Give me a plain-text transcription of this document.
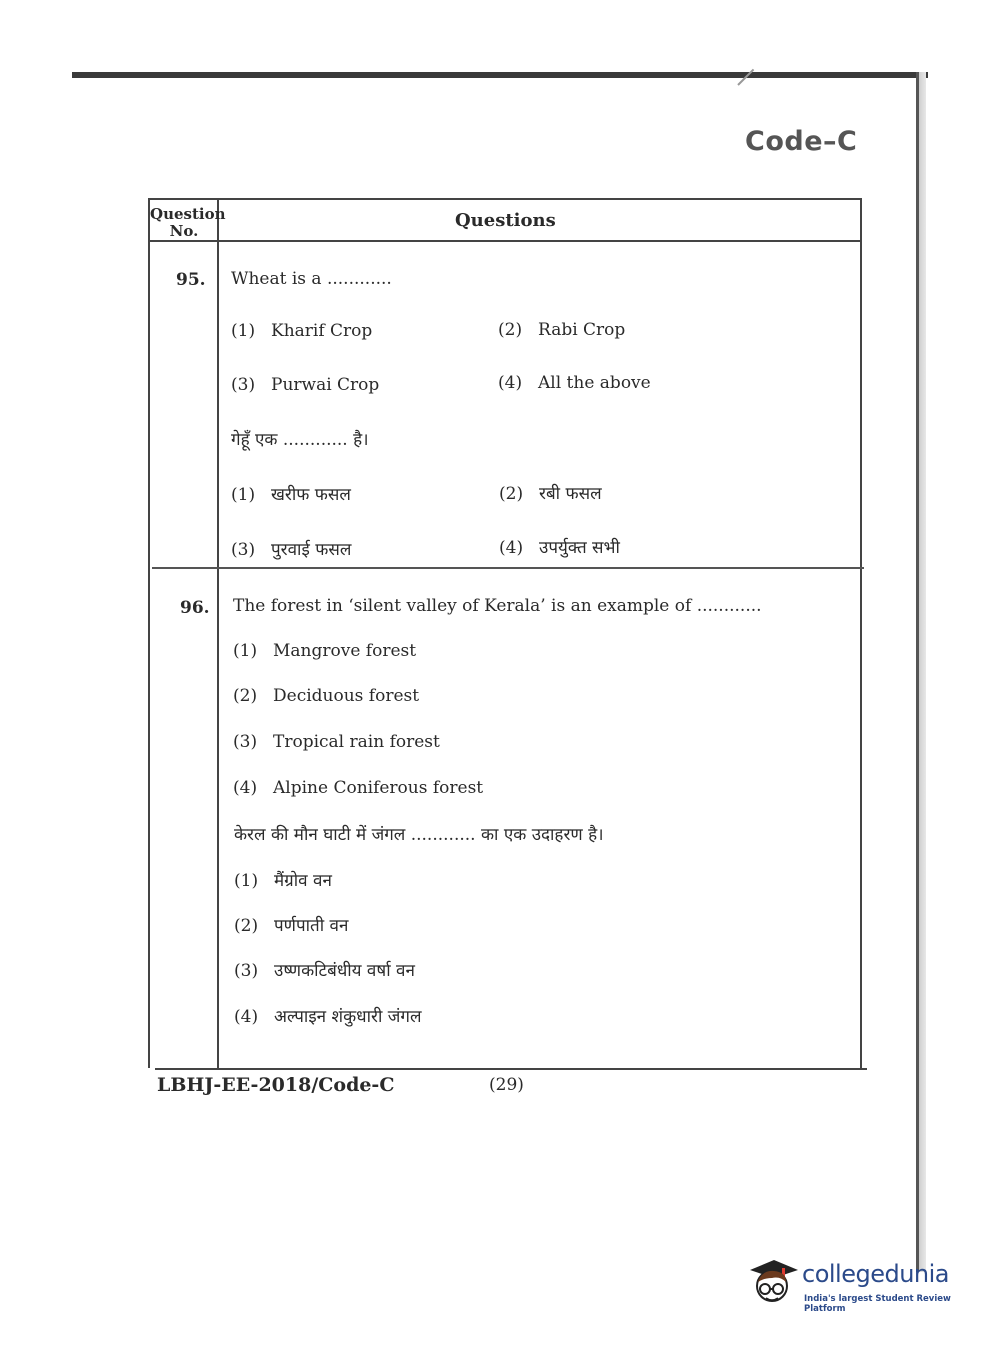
Code–C
Question
No.	Questions
95. Wheat is a ............
(1) Kharif Crop	(2) Rabi Crop
(3) Purwai Crop	(4) All the above
गेहूँ एक ............ है।
(1) खरीफ फसल	(2) रबी फसल
(3) पुरवाई फसल	(4) उपर्युक्त सभी
96. The forest in ‘silent valley of Kerala’ is an example of ............
(1) Mangrove forest
(2) Deciduous forest
(3) Tropical rain forest
(4) Alpine Coniferous forest
केरल की मौन घाटी में जंगल ............ का एक उदाहरण है।
(1) मैंग्रोव वन
(2) पर्णपाती वन
(3) उष्णकटिबंधीय वर्षा वन
(4) अल्पाइन शंकुधारी जंगल
LBHJ-EE-2018/Code-C	(29)
collegedunia
India's largest Student Review Platform
